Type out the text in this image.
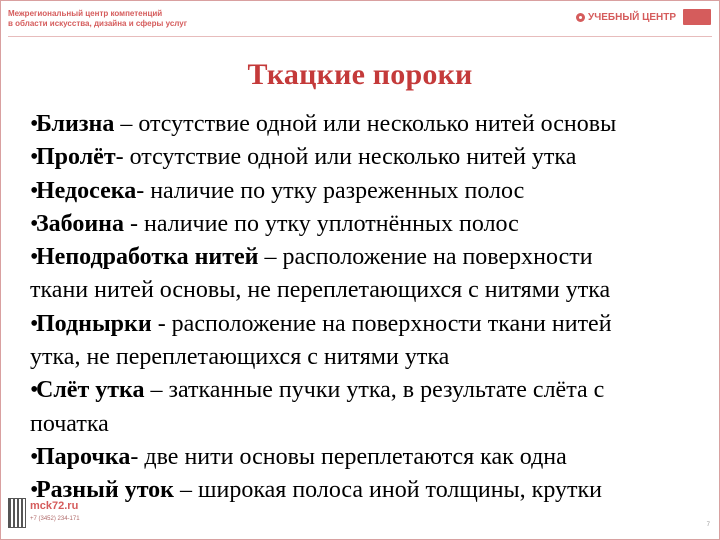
Межрегиональный центр компетенций
в области искусства, дизайна и сферы услуг
УЧЕБНЫЙ ЦЕНТР
Ткацкие пороки
•Близна – отсутствие одной или несколько нитей основы
•Пролёт- отсутствие одной или несколько нитей утка
•Недосека- наличие по утку разреженных полос
•Забоина - наличие по утку уплотнённых полос
•Неподработка нитей – расположение на поверхности
ткани нитей основы, не переплетающихся с нитями утка
•Поднырки - расположение на поверхности ткани нитей
утка, не переплетающихся с нитями утка
•Слёт утка – затканные пучки утка, в результате слёта с
початка
•Парочка- две нити основы переплетаются как одна
•Разный уток – широкая полоса иной толщины, крутки
mck72.ru
+7 (3452) 234-171
7
